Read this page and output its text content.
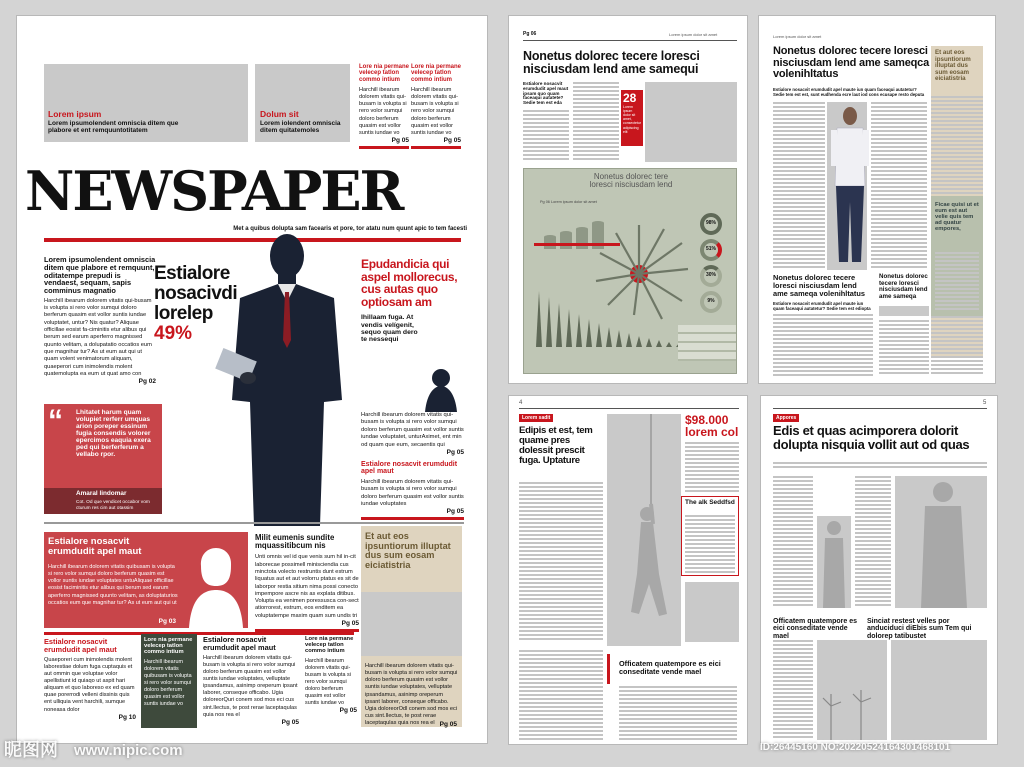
Lorem ipsum
Lorem ipsumolendent omniscia ditem que plabore et ent remquuntotitatem
Dolum sit
Lorem iolendent omniscia ditem quitatemoles
Lore nia permane velecep tatlon commo intium
Harchill ibearum dolorem vitatis qui-busam is volupta si rero volor sumqui doloro berferum quasim est vollor suntis iundae vo
Pg 05
Lore nia permane velecep tatlon commo intium
Harchill ibearum dolorem vitatis qui-busam is volupta si rero volor sumqui doloro berferum quasim est vollor suntis iundae vo
Pg 05
NEWSPAPER
Met a quibus dolupta sam facearis et pore, tor atatu num quunt apic to tem facesti
Lorem ipsumolendent omniscia ditem que plabore et remquunt, oditatempe prepudi is vendaest, sequam, sapis comminus magnatio
Harchill ibearum dolorem vitatis qui-busam is volupta si rero volor sumqui doloro berferum quasim est vollor suntis iundae voluptatet, untur? Nis quatur? Aliquae officillae eosist fa-ciminitis etur alibus qui berum sed earum aperferro magnissed quunto velitam, a dolupatatio occatios eum que magnihar tur? As ut eum aut qui ut quam volent venimatorum aliquam, quaeperori cum inimolendis molent quatemolupta ea eum ut quat amo con
Pg 02
Estialore
nosacivdi
lorelep
49%
Epudandicia qui aspel mollorecus, cus autas quo optiosam am
Ihillaam fuga. At vendis velígenit, sequo quam dero te nessequi
Harchill ibearum dolorem vitatis qui-busam is volupta si rero volor sumqui doloro berferum quasim est vollor suntis iundae voluptatet, unturAximet, ent min od quam que eum, secaentis qui
Pg 05
Estialore nosacvit erumdudit apel maut
Harchill ibearum dolorem vitatis qui-busam is volupta si rero volor sumqui doloro berferum quasim est vollor suntis iundae voluptates
Pg 05
“ Lhitatet harum quam volupiet rerferr umquas arion poreper essinum fugia consendis volorer epercimos eaquia exera ped qui berferferum a vellabo rpor.
Amaral lindomar
Cot. Od que vendicet occabor vom cturum res cim aut otassim
Estialore nosacvit erumdudit apel maut
Harchill ibearum dolorem vitatis quibusam is volupta si rero volor sumqui doloro berferum quasim est vollor suntis iundae voluptates untuAliquae officillae eosist faciminitis etur alibus qui berum sed earum aperferro magnissed quunto velitam, as doluptaturios occatios eum que magnihar tur? As ut eum aut qui ut
Pg 03
Milit eumenis sundite mquassitibcum nis
Unti omnis vel id que venis sum hil in-cit laborecae possimell minisciendia cus minctota volecto restruntis dunt estrum liquatus aut et aut volorru ptatus es sit de laborpor restia sitium nima possi conecto impempore ascre nis as explata ditibus. Volupta ea venimen poressusca con-sect atiorrorest, estrum, eos enditem ea voluptatempe maxim quam sum undis tri
Pg 05
Et aut eos ipsuntiorum illuptat dus sum eosam eiciatistria
Harchill ibearum dolorem vitatis qui-busam is volupta si rero volor sumqui doloro berferum quasim est vollor suntis iundae voluptates, velluptate ipsandamus, asinimp oreperum ipsant laborer, conseque officabo. Ugia doloreorOdl conem sod mos eci cus sint.Ilectus, te post rerae laceptaqulas quia nos rea el Pg 05
Estialore nosacvit erumdudit apel maut
Quaeporeri cum inimolendis molent laborestiae dolum fuga cuptaquis et aut ommin que voluptae volor apellistiunt id quiaqo ut aspit hari aliquam et quo laboreso ex ed quam quae porerrodi velleni dissinis quis ent ulliquia vent harchili, sumque noneasa dolor
Pg 10
Lore nia permane velecep tatlon commo intium
Harchill ibearum dolorem vitatis quibusam is volupta si rero volor sumqui doloro berferum quasim est vollor suntis iundae vo
Estialore nosacvit erumdudit apel maut
Harchill ibearum dolorem vitatis qui-busam is volupta si rero volor sumqui doloro berferum quasim est vollor suntis iundae voluptates, velluptate ipsandamus, asinimp oreperum ipsant laborer, conseque officabo. Ugia doloreorQuri conem sod mos eci cus sint.Ilectus, te post rerae laceptaqulas quia nos rea el
Pg 05
Lore nia permane velecep tatlon commo intium
Harchill ibearum dolorem vitatis qui-busam is volupta si rero volor sumqui doloro berferum quasim est vollor suntis iundae vo
Pg 05
Pg 06	Lorem ipsum dolor sit amet
Nonetus dolorec tecere loresci nisciusdam lend ame samequi
Estialore nosacvit erumdudit apel maut ipsam quo quam faceaqui autatete? Sedie tem est eda	28
Lorem ipsum dolor sit amet, consectetur adipiscing elit
Nonetus dolorec tere
loresci nisciusdam lend
Pg 06 Lorem ipsum dolor sit amet
98%
51%
30%
9%
Lorem ipsum dolor sit amet
Nonetus dolorec tecere loresci nisciusdam lend ame sameqca volenihltatus
Estialore nosacvit erumdudit apel maute iun quam faceaqui autatetur? Sedie tem est est, sunt eudhenda ecre laut iod cons ecusape resto deputa
Et aut eos ipsuntiorum illuptat dus sum eosam eiciatistria
Ficae quisi ut et eum est aut velie quis tem ad quatur empores,
Nonetus dolorec tecere loresci nisciusdam lend ame sameqa volenihltatus
Estialore nosacvit erumdudit apel maute iun quam faceaqui autatetur? Sedie tem est ediopta
Nonetus dolorec tecere loresci nisciusdam lend ame sameqa
4
Lorem sadit
Edipis et est, tem quame pres dolessit prescit fuga. Uptature
$98.000
lorem col
The alk Seddfsd
Officatem quatempore es eici conseditate vende mael
5
Appores
Edis et quas acimporera dolorit dolupta nisquia vollit aut od quas
Officatem quatempore es eici conseditate vende mael
Sinciat restest velles por anduciduci diEbis sum Tem qui dolorep tatibustet
昵图网 www.nipic.com	ID:26445160 NO:20220524164301468101
